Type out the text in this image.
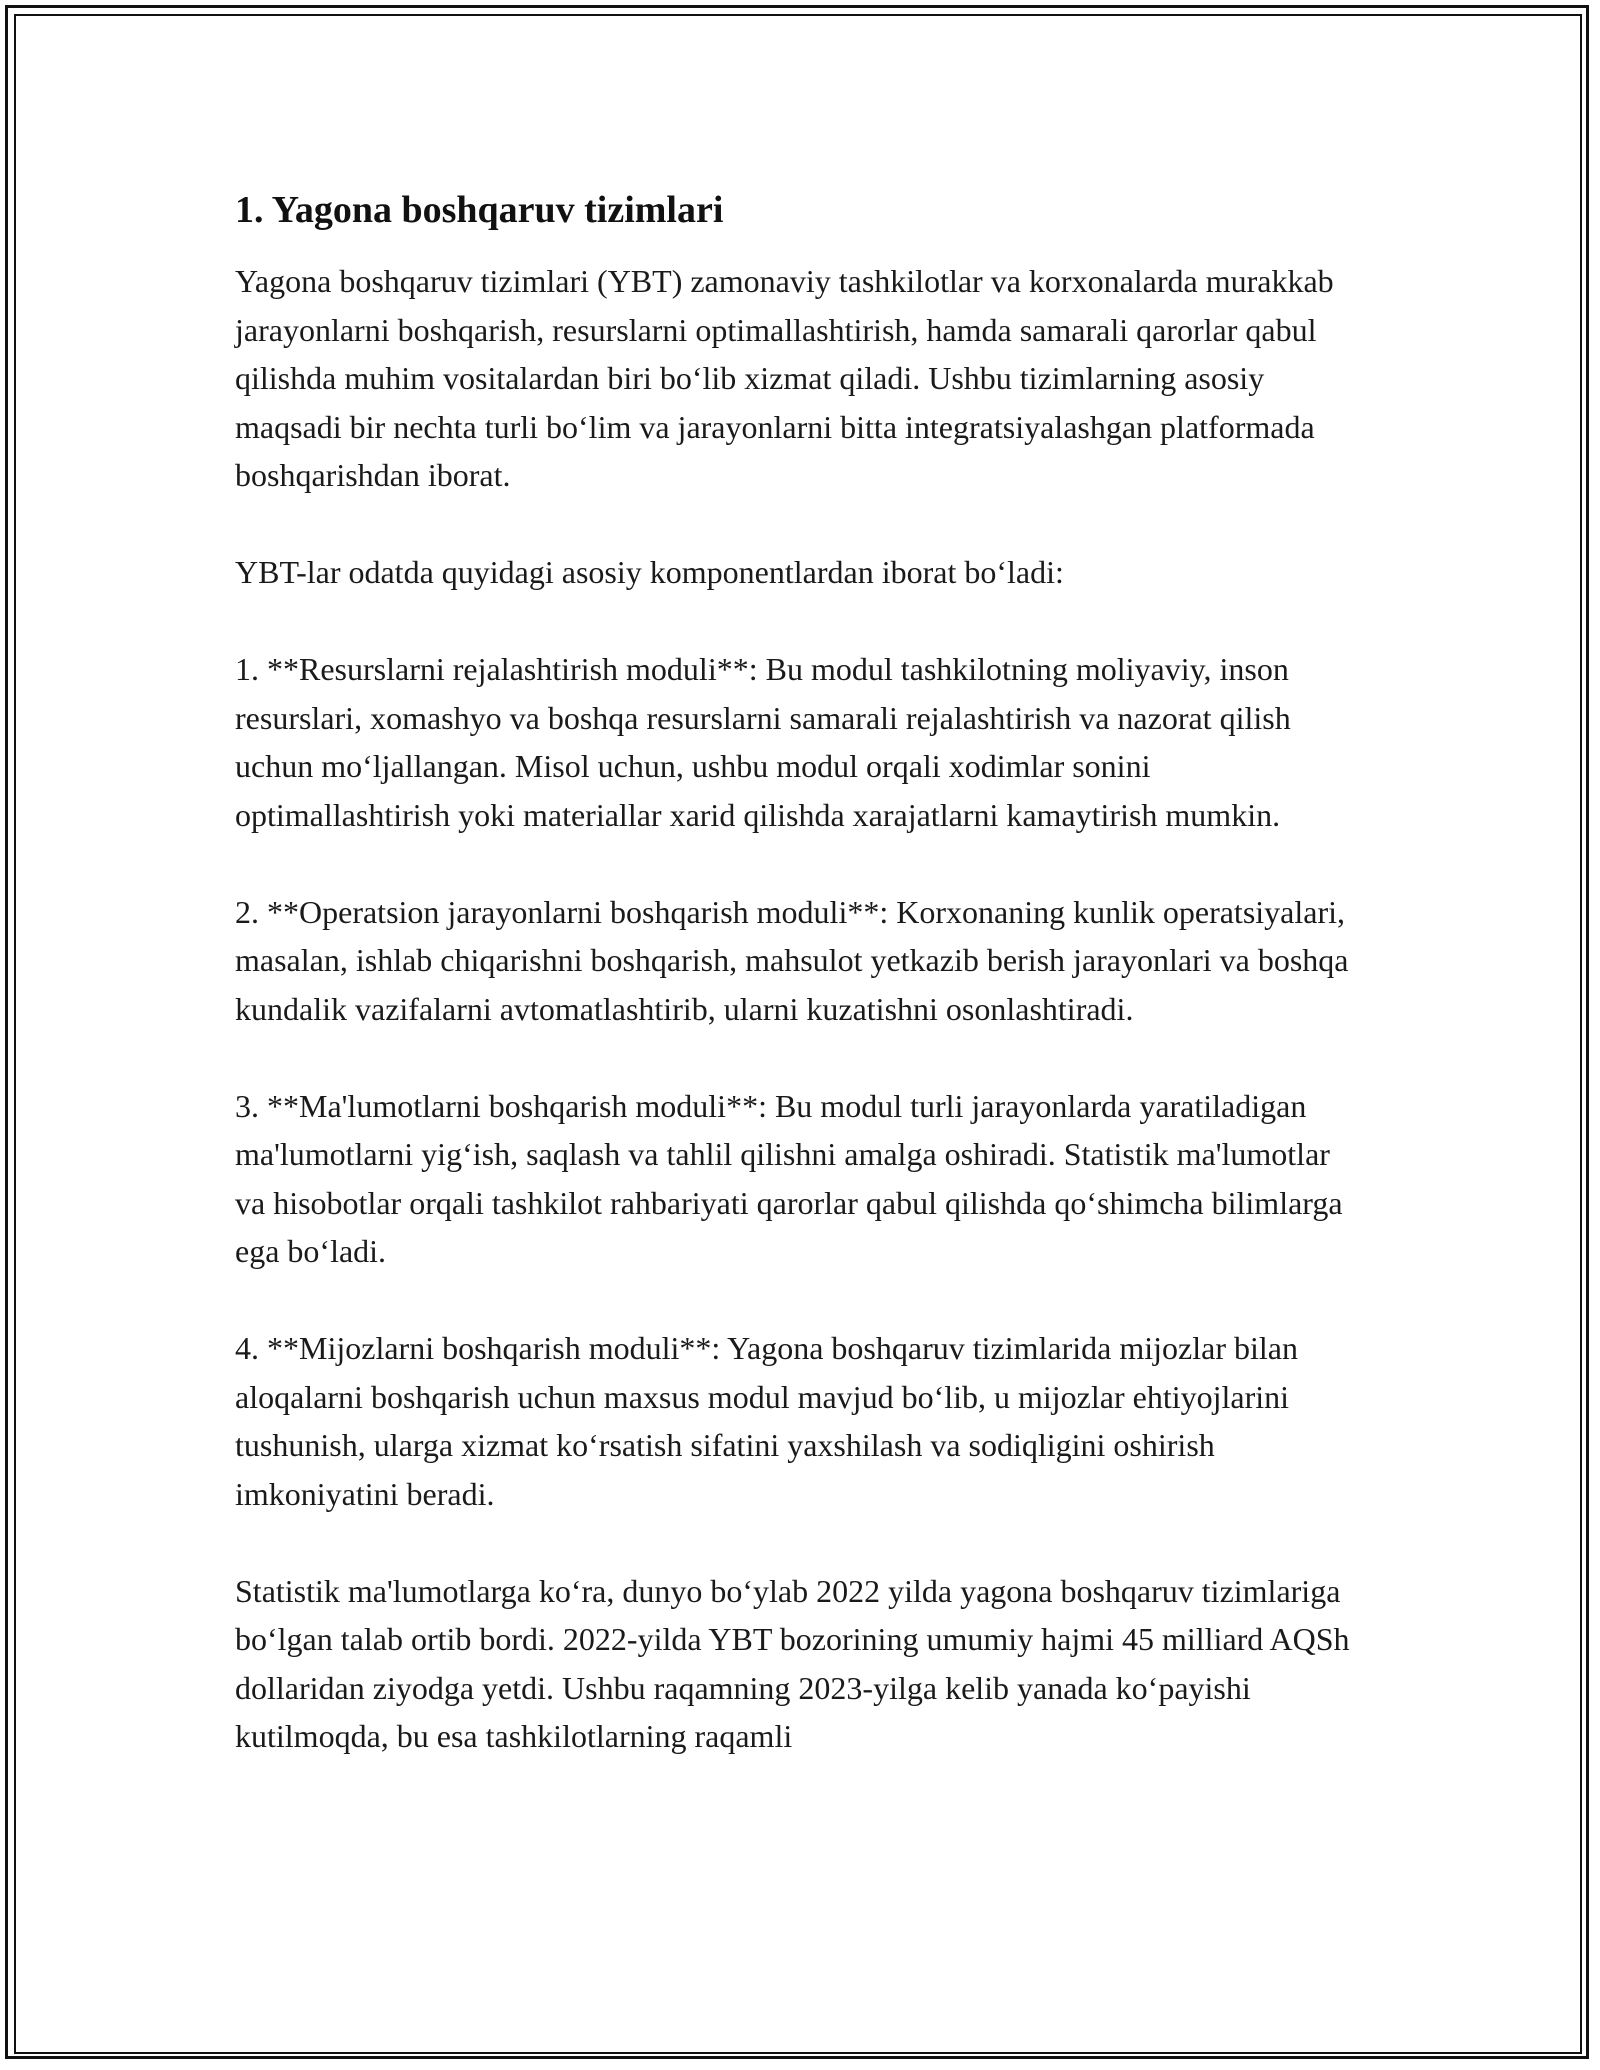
1. Yagona boshqaruv tizimlari

Yagona boshqaruv tizimlari (YBT) zamonaviy tashkilotlar va korxonalarda murakkab jarayonlarni boshqarish, resurslarni optimallashtirish, hamda samarali qarorlar qabul qilishda muhim vositalardan biri boʻlib xizmat qiladi. Ushbu tizimlarning asosiy maqsadi bir nechta turli boʻlim va jarayonlarni bitta integratsiyalashgan platformada boshqarishdan iborat.

YBT-lar odatda quyidagi asosiy komponentlardan iborat boʻladi:

1. **Resurslarni rejalashtirish moduli**: Bu modul tashkilotning moliyaviy, inson resurslari, xomashyo va boshqa resurslarni samarali rejalashtirish va nazorat qilish uchun moʻljallangan. Misol uchun, ushbu modul orqali xodimlar sonini optimallashtirish yoki materiallar xarid qilishda xarajatlarni kamaytirish mumkin.

2. **Operatsion jarayonlarni boshqarish moduli**: Korxonaning kunlik operatsiyalari, masalan, ishlab chiqarishni boshqarish, mahsulot yetkazib berish jarayonlari va boshqa kundalik vazifalarni avtomatlashtirib, ularni kuzatishni osonlashtiradi.

3. **Ma'lumotlarni boshqarish moduli**: Bu modul turli jarayonlarda yaratiladigan ma'lumotlarni yigʻish, saqlash va tahlil qilishni amalga oshiradi. Statistik ma'lumotlar va hisobotlar orqali tashkilot rahbariyati qarorlar qabul qilishda qoʻshimcha bilimlarga ega boʻladi.

4. **Mijozlarni boshqarish moduli**: Yagona boshqaruv tizimlarida mijozlar bilan aloqalarni boshqarish uchun maxsus modul mavjud boʻlib, u mijozlar ehtiyojlarini tushunish, ularga xizmat koʻrsatish sifatini yaxshilash va sodiqligini oshirish imkoniyatini beradi.

Statistik ma'lumotlarga koʻra, dunyo boʻylab 2022 yilda yagona boshqaruv tizimlariga boʻlgan talab ortib bordi. 2022-yilda YBT bozorining umumiy hajmi 45 milliard AQSh dollaridan ziyodga yetdi. Ushbu raqamning 2023-yilga kelib yanada koʻpayishi kutilmoqda, bu esa tashkilotlarning raqamli
